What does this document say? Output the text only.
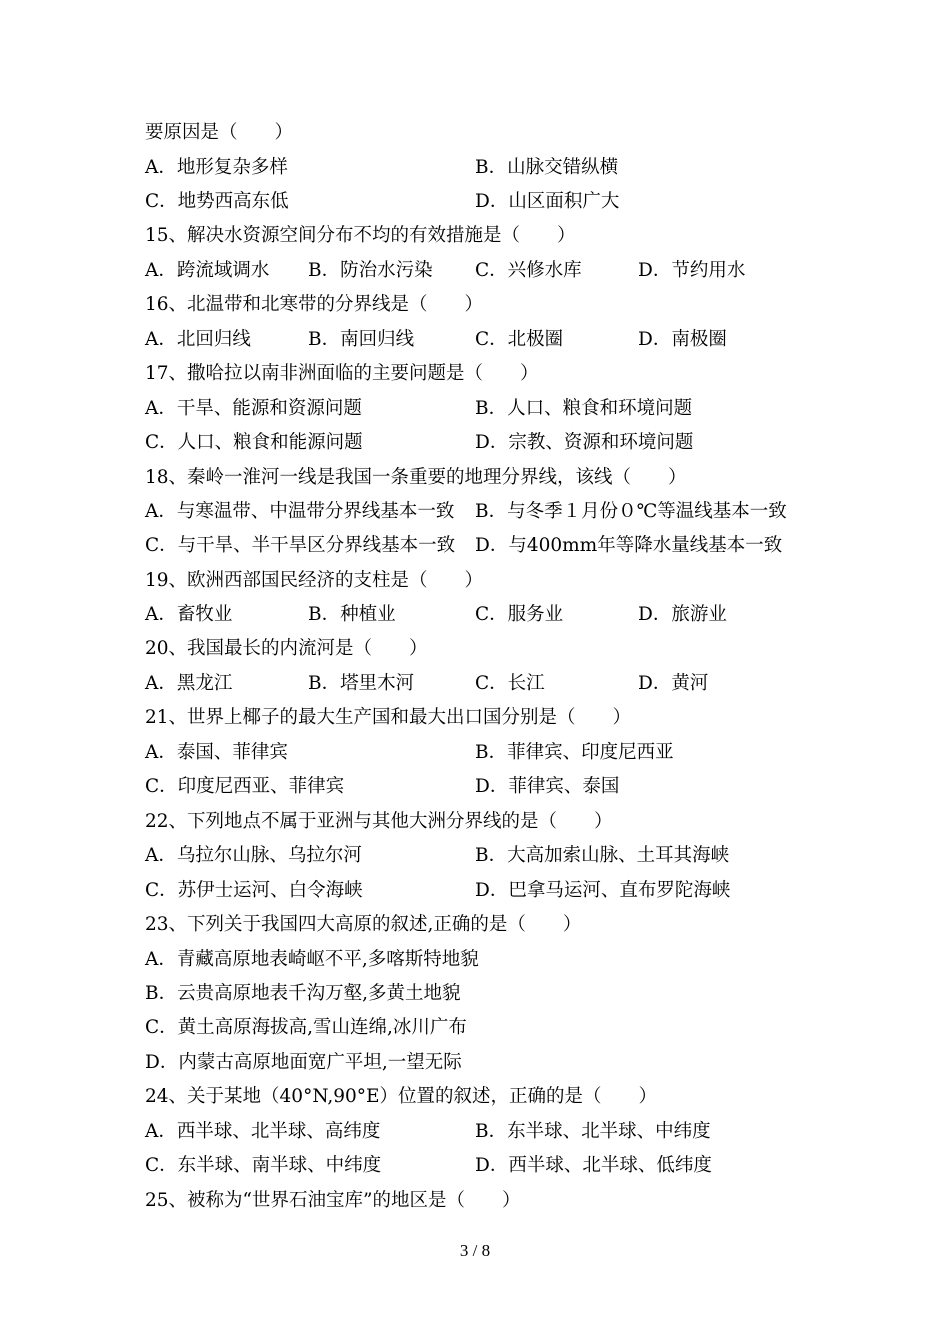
要原因是（　　）
A．地形复杂多样	B．山脉交错纵横
C．地势西高东低	D．山区面积广大
15、解决水资源空间分布不均的有效措施是（　　）
A．跨流域调水 B．防治水污染 C．兴修水库	D．节约用水
16、北温带和北寒带的分界线是（　　）
A．北回归线	B．南回归线	C．北极圈	D．南极圈
17、撒哈拉以南非洲面临的主要问题是（　　）
A．干旱、能源和资源问题	B．人口、粮食和环境问题
C．人口、粮食和能源问题	D．宗教、资源和环境问题
18、秦岭一淮河一线是我国一条重要的地理分界线，该线（　　）
A．与寒温带、中温带分界线基本一致 B．与冬季１月份０℃等温线基本一致
C．与干旱、半干旱区分界线基本一致 D．与400mm年等降水量线基本一致
19、欧洲西部国民经济的支柱是（　　）
A．畜牧业	B．种植业	C．服务业	D．旅游业
20、我国最长的内流河是（　　）
A．黑龙江	B．塔里木河	C．长江	D．黄河
21、世界上椰子的最大生产国和最大出口国分别是（　　）
A．泰国、菲律宾	B．菲律宾、印度尼西亚
C．印度尼西亚、菲律宾	D．菲律宾、泰国
22、下列地点不属于亚洲与其他大洲分界线的是（　　）
A．乌拉尔山脉、乌拉尔河	B．大高加索山脉、土耳其海峡
C．苏伊士运河、白令海峡	D．巴拿马运河、直布罗陀海峡
23、下列关于我国四大高原的叙述,正确的是（　　）
A．青藏高原地表崎岖不平,多喀斯特地貌
B．云贵高原地表千沟万壑,多黄土地貌
C．黄土高原海拔高,雪山连绵,冰川广布
D．内蒙古高原地面宽广平坦,一望无际
24、关于某地（40°N,90°E）位置的叙述，正确的是（　　）
A．西半球、北半球、高纬度	B．东半球、北半球、中纬度
C．东半球、南半球、中纬度	D．西半球、北半球、低纬度
25、被称为“世界石油宝库”的地区是（　　）
3 / 8
